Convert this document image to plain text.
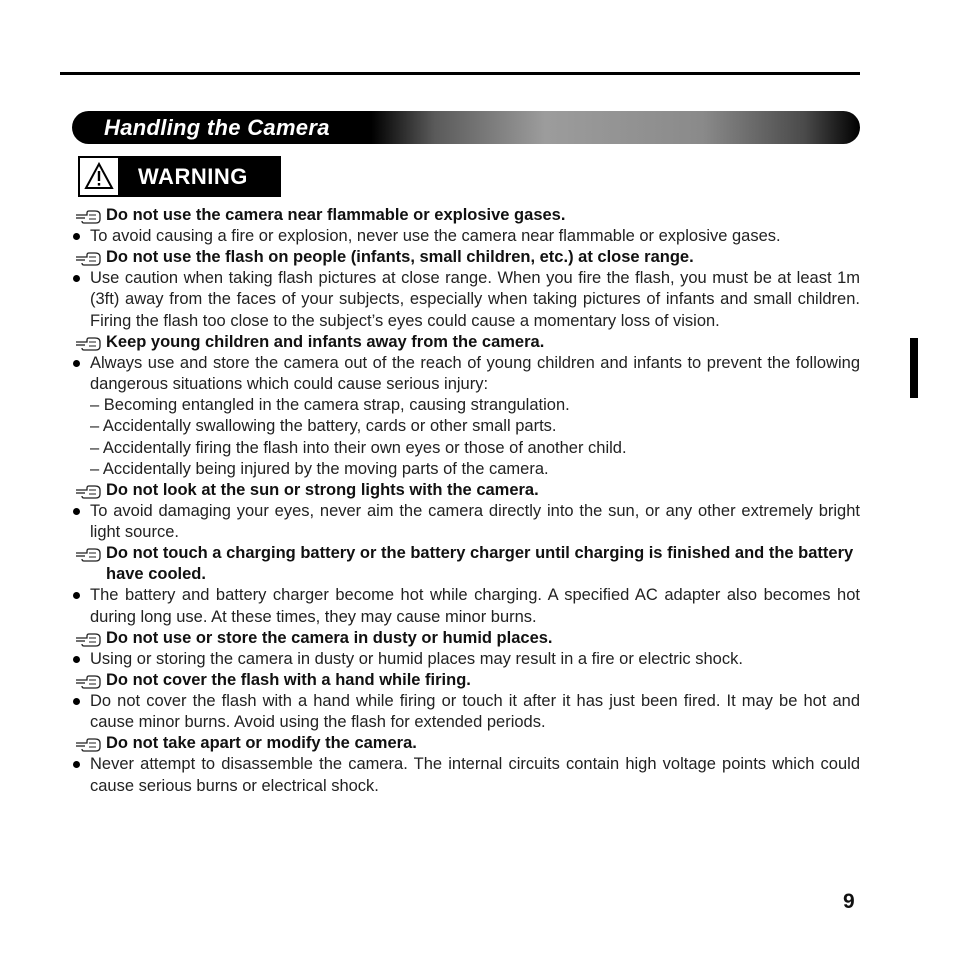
Handling the Camera
WARNING
Do not use the camera near flammable or explosive gases.
To avoid causing a fire or explosion, never use the camera near flammable or explosive gases.
Do not use the flash on people (infants, small children, etc.) at close range.
Use caution when taking flash pictures at close range. When you fire the flash, you must be at least 1m (3ft) away from the faces of your subjects, especially when taking pictures of infants and small children. Firing the flash too close to the subject’s eyes could cause a momentary loss of vision.
Keep young children and infants away from the camera.
Always use and store the camera out of the reach of young children and infants to prevent the following dangerous situations which could cause serious injury:
– Becoming entangled in the camera strap, causing strangulation.
– Accidentally swallowing the battery, cards or other small parts.
– Accidentally firing the flash into their own eyes or those of another child.
– Accidentally being injured by the moving parts of the camera.
Do not look at the sun or strong lights with the camera.
To avoid damaging your eyes, never aim the camera directly into the sun, or any other extremely bright light source.
Do not touch a charging battery or the battery charger until charging is finished and the battery have cooled.
The battery and battery charger become hot while charging. A specified AC adapter also becomes hot during long use. At these times, they may cause minor burns.
Do not use or store the camera in dusty or humid places.
Using or storing the camera in dusty or humid places may result in a fire or electric shock.
Do not cover the flash with a hand while firing.
Do not cover the flash with a hand while firing or touch it after it has just been fired. It may be hot and cause minor burns. Avoid using the flash for extended periods.
Do not take apart or modify the camera.
Never attempt to disassemble the camera. The internal circuits contain high voltage points which could cause serious burns or electrical shock.
9
